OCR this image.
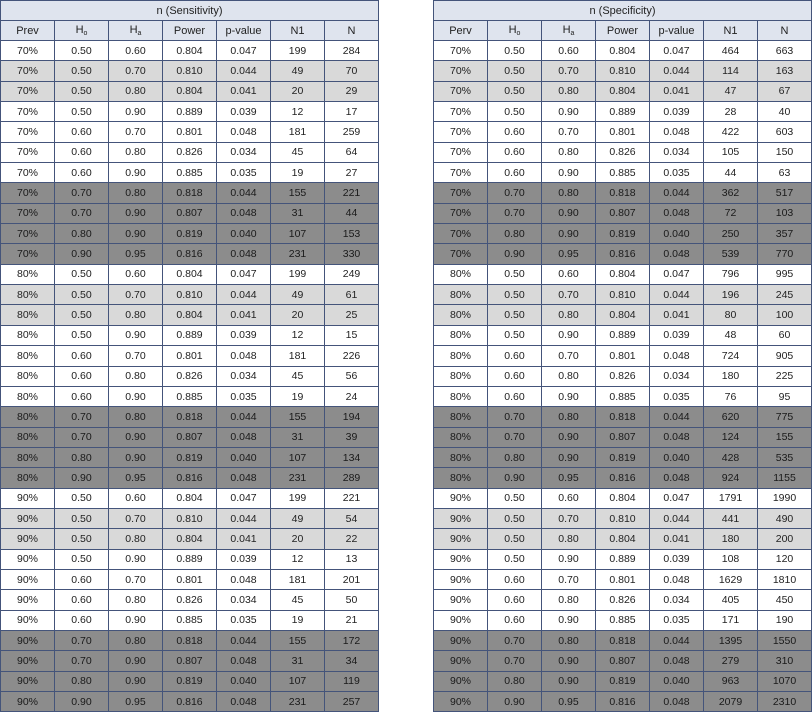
n (Sensitivity)						
Prev	$H_o$	$H_a$	Power	p-value	N1	N
70%	0.50	0.60	0.804	0.047	199	284
70%	0.50	0.70	0.810	0.044	49	70
70%	0.50	0.80	0.804	0.041	20	29
70%	0.50	0.90	0.889	0.039	12	17
70%	0.60	0.70	0.801	0.048	181	259
70%	0.60	0.80	0.826	0.034	45	64
70%	0.60	0.90	0.885	0.035	19	27
70%	0.70	0.80	0.818	0.044	155	221
70%	0.70	0.90	0.807	0.048	31	44
70%	0.80	0.90	0.819	0.040	107	153
70%	0.90	0.95	0.816	0.048	231	330
80%	0.50	0.60	0.804	0.047	199	249
80%	0.50	0.70	0.810	0.044	49	61
80%	0.50	0.80	0.804	0.041	20	25
80%	0.50	0.90	0.889	0.039	12	15
80%	0.60	0.70	0.801	0.048	181	226
80%	0.60	0.80	0.826	0.034	45	56
80%	0.60	0.90	0.885	0.035	19	24
80%	0.70	0.80	0.818	0.044	155	194
80%	0.70	0.90	0.807	0.048	31	39
80%	0.80	0.90	0.819	0.040	107	134
80%	0.90	0.95	0.816	0.048	231	289
90%	0.50	0.60	0.804	0.047	199	221
90%	0.50	0.70	0.810	0.044	49	54
90%	0.50	0.80	0.804	0.041	20	22
90%	0.50	0.90	0.889	0.039	12	13
90%	0.60	0.70	0.801	0.048	181	201
90%	0.60	0.80	0.826	0.034	45	50
90%	0.60	0.90	0.885	0.035	19	21
90%	0.70	0.80	0.818	0.044	155	172
90%	0.70	0.90	0.807	0.048	31	34
90%	0.80	0.90	0.819	0.040	107	119
90%	0.90	0.95	0.816	0.048	231	257
n (Specificity)						
Perv	$H_o$	$H_a$	Power	p-value	N1	N
70%	0.50	0.60	0.804	0.047	464	663
70%	0.50	0.70	0.810	0.044	114	163
70%	0.50	0.80	0.804	0.041	47	67
70%	0.50	0.90	0.889	0.039	28	40
70%	0.60	0.70	0.801	0.048	422	603
70%	0.60	0.80	0.826	0.034	105	150
70%	0.60	0.90	0.885	0.035	44	63
70%	0.70	0.80	0.818	0.044	362	517
70%	0.70	0.90	0.807	0.048	72	103
70%	0.80	0.90	0.819	0.040	250	357
70%	0.90	0.95	0.816	0.048	539	770
80%	0.50	0.60	0.804	0.047	796	995
80%	0.50	0.70	0.810	0.044	196	245
80%	0.50	0.80	0.804	0.041	80	100
80%	0.50	0.90	0.889	0.039	48	60
80%	0.60	0.70	0.801	0.048	724	905
80%	0.60	0.80	0.826	0.034	180	225
80%	0.60	0.90	0.885	0.035	76	95
80%	0.70	0.80	0.818	0.044	620	775
80%	0.70	0.90	0.807	0.048	124	155
80%	0.80	0.90	0.819	0.040	428	535
80%	0.90	0.95	0.816	0.048	924	1155
90%	0.50	0.60	0.804	0.047	1791	1990
90%	0.50	0.70	0.810	0.044	441	490
90%	0.50	0.80	0.804	0.041	180	200
90%	0.50	0.90	0.889	0.039	108	120
90%	0.60	0.70	0.801	0.048	1629	1810
90%	0.60	0.80	0.826	0.034	405	450
90%	0.60	0.90	0.885	0.035	171	190
90%	0.70	0.80	0.818	0.044	1395	1550
90%	0.70	0.90	0.807	0.048	279	310
90%	0.80	0.90	0.819	0.040	963	1070
90%	0.90	0.95	0.816	0.048	2079	2310
